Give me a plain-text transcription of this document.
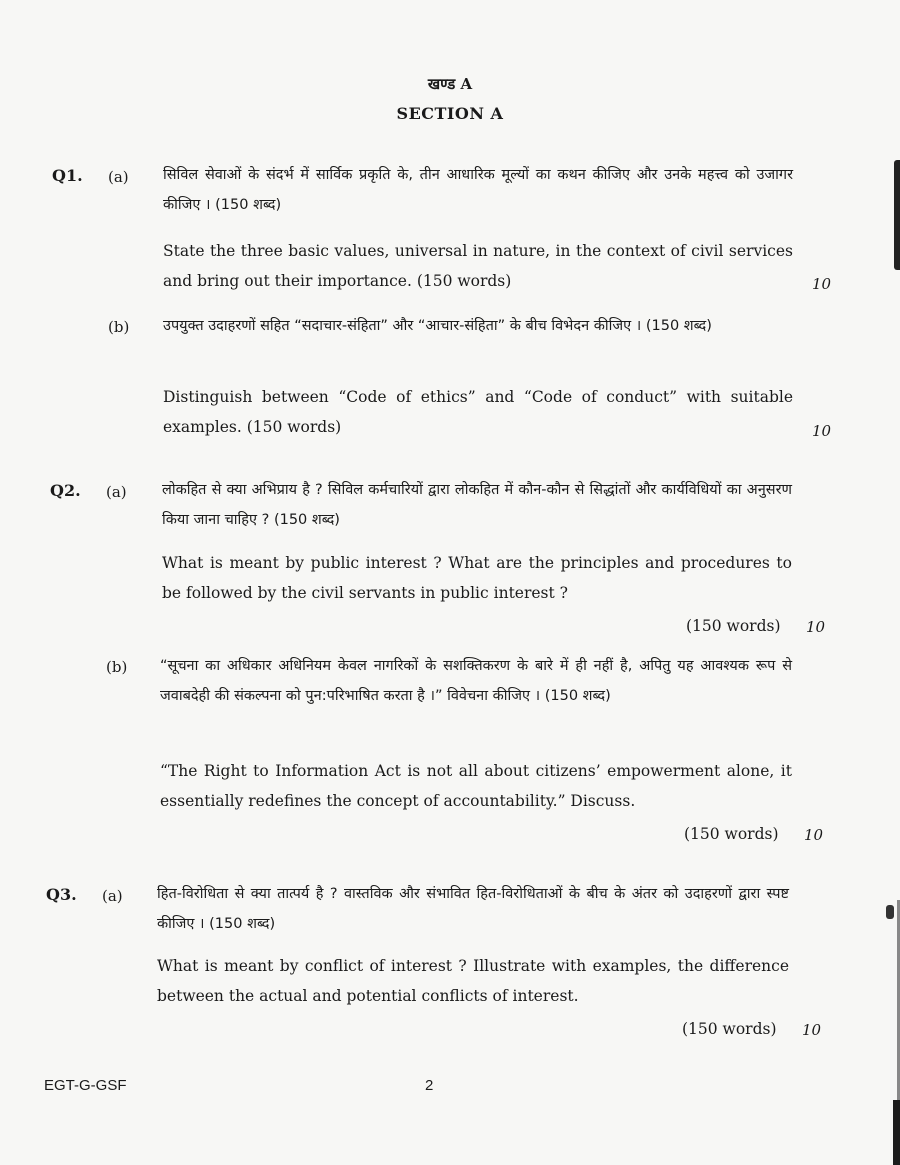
खण्ड A
SECTION A
Q1. (a) सिविल सेवाओं के संदर्भ में सार्विक प्रकृति के, तीन आधारिक मूल्यों का कथन कीजिए और उनके महत्त्व को उजागर कीजिए । (150 शब्द)
State the three basic values, universal in nature, in the context of civil services and bring out their importance. (150 words)	10
(b) उपयुक्त उदाहरणों सहित “सदाचार-संहिता” और “आचार-संहिता” के बीच विभेदन कीजिए । (150 शब्द)
Distinguish between “Code of ethics” and “Code of conduct” with suitable examples. (150 words)	10
Q2. (a) लोकहित से क्या अभिप्राय है ? सिविल कर्मचारियों द्वारा लोकहित में कौन-कौन से सिद्धांतों और कार्यविधियों का अनुसरण किया जाना चाहिए ? (150 शब्द)
What is meant by public interest ? What are the principles and procedures to be followed by the civil servants in public interest ?
(150 words) 10
(b) “सूचना का अधिकार अधिनियम केवल नागरिकों के सशक्तिकरण के बारे में ही नहीं है, अपितु यह आवश्यक रूप से जवाबदेही की संकल्पना को पुन:परिभाषित करता है ।” विवेचना कीजिए । (150 शब्द)
“The Right to Information Act is not all about citizens’ empowerment alone, it essentially redefines the concept of accountability.” Discuss.
(150 words) 10
Q3. (a) हित-विरोधिता से क्या तात्पर्य है ? वास्तविक और संभावित हित-विरोधिताओं के बीच के अंतर को उदाहरणों द्वारा स्पष्ट कीजिए । (150 शब्द)
What is meant by conflict of interest ? Illustrate with examples, the difference between the actual and potential conflicts of interest.
(150 words) 10
EGT-G-GSF	2
